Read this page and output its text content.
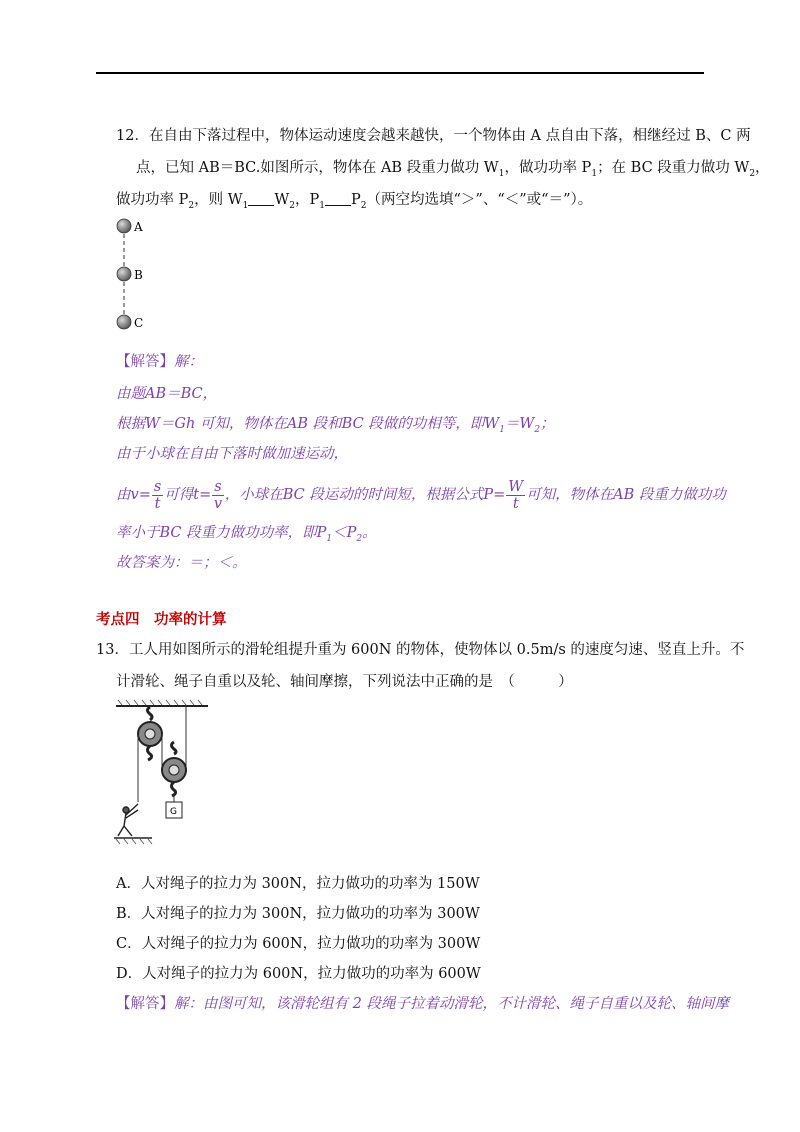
12．在自由下落过程中，物体运动速度会越来越快，一个物体由 A 点自由下落，相继经过 B、C 两
点，已知 AB＝BC.如图所示，物体在 AB 段重力做功 $W_1$，做功功率 $P_1$；在 BC 段重力做功 $W_2$，
做功功率 $P_2$，则 $W_1$ $W_2$，$P_1$ $P_2$（两空均选填“＞”、“＜”或“＝”）。
A
B
C
【解答】解：
由题AB＝BC，
根据W＝Gh 可知，物体在AB 段和BC 段做的功相等，即$W_1=W_2$；
由于小球在自由下落时做加速运动，
由$v= \frac{s}{t}$ 可得$t= \frac{s}{v}$ ，小球在BC 段运动的时间短，根据公式$P= \frac{W}{t}$ 可知，物体在AB 段重力做功功
率小于BC 段重力做功功率，即$P_1<P_2$。
故答案为：＝；＜。
考点四　功率的计算
13．工人用如图所示的滑轮组提升重为 600N 的物体，使物体以 0.5m/s 的速度匀速、竖直上升。不
计滑轮、绳子自重以及轮、轴间摩擦，下列说法中正确的是　（　　　）
G
A．人对绳子的拉力为 300N，拉力做功的功率为 150W
B．人对绳子的拉力为 300N，拉力做功的功率为 300W
C．人对绳子的拉力为 600N，拉力做功的功率为 300W
D．人对绳子的拉力为 600N，拉力做功的功率为 600W
【解答】解：由图可知，该滑轮组有 2 段绳子拉着动滑轮，不计滑轮、绳子自重以及轮、轴间摩
